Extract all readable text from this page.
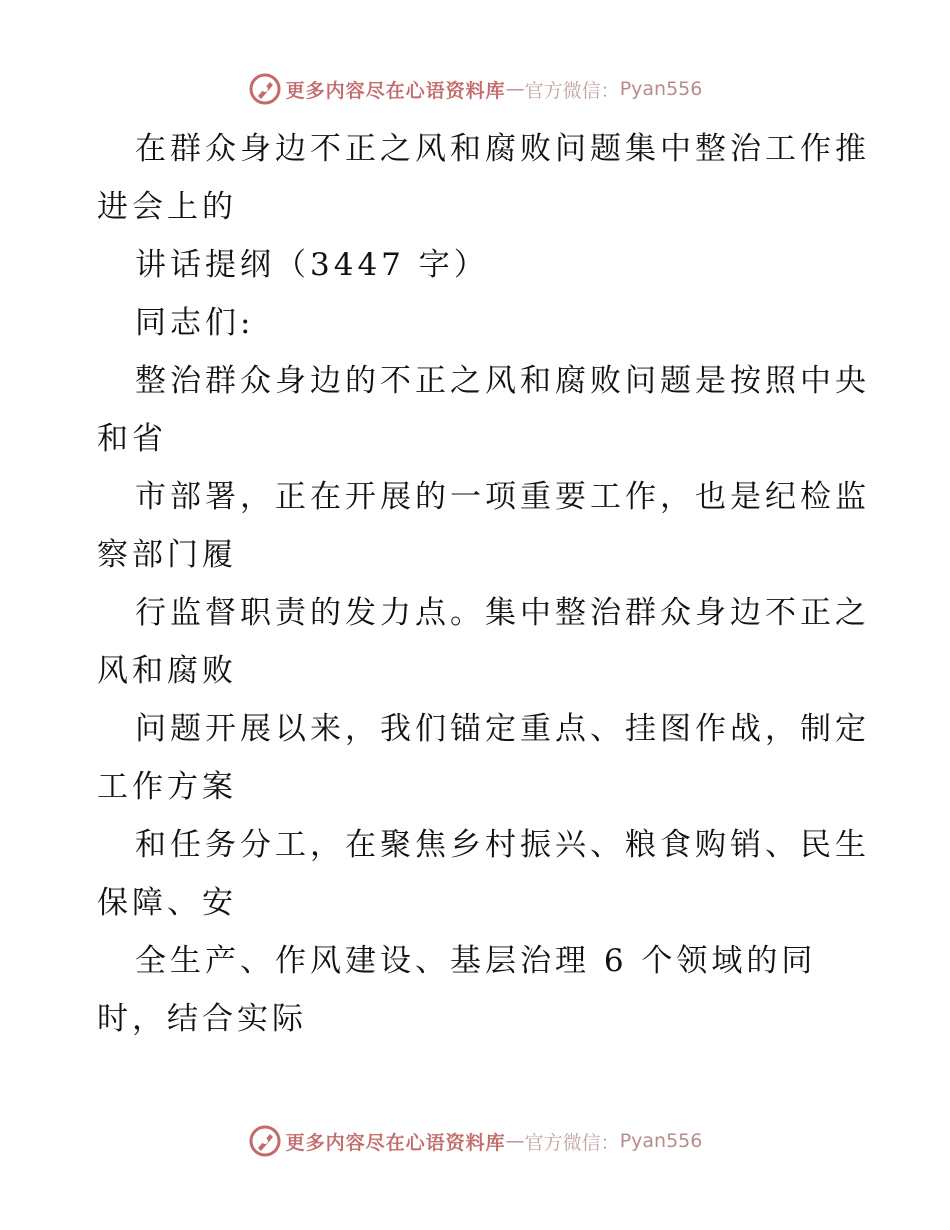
更多内容尽在心语资料库 — 官方微信： Pyan556
在群众身边不正之风和腐败问题集中整治工作推
进会上的
讲话提纲（3447 字）
同志们:
整治群众身边的不正之风和腐败问题是按照中央
和省
市部署，正在开展的一项重要工作，也是纪检监
察部门履
行监督职责的发力点。集中整治群众身边不正之
风和腐败
问题开展以来，我们锚定重点、挂图作战，制定
工作方案
和任务分工，在聚焦乡村振兴、粮食购销、民生
保障、安
全生产、作风建设、基层治理 6 个领域的同
时，结合实际
更多内容尽在心语资料库 — 官方微信： Pyan556
